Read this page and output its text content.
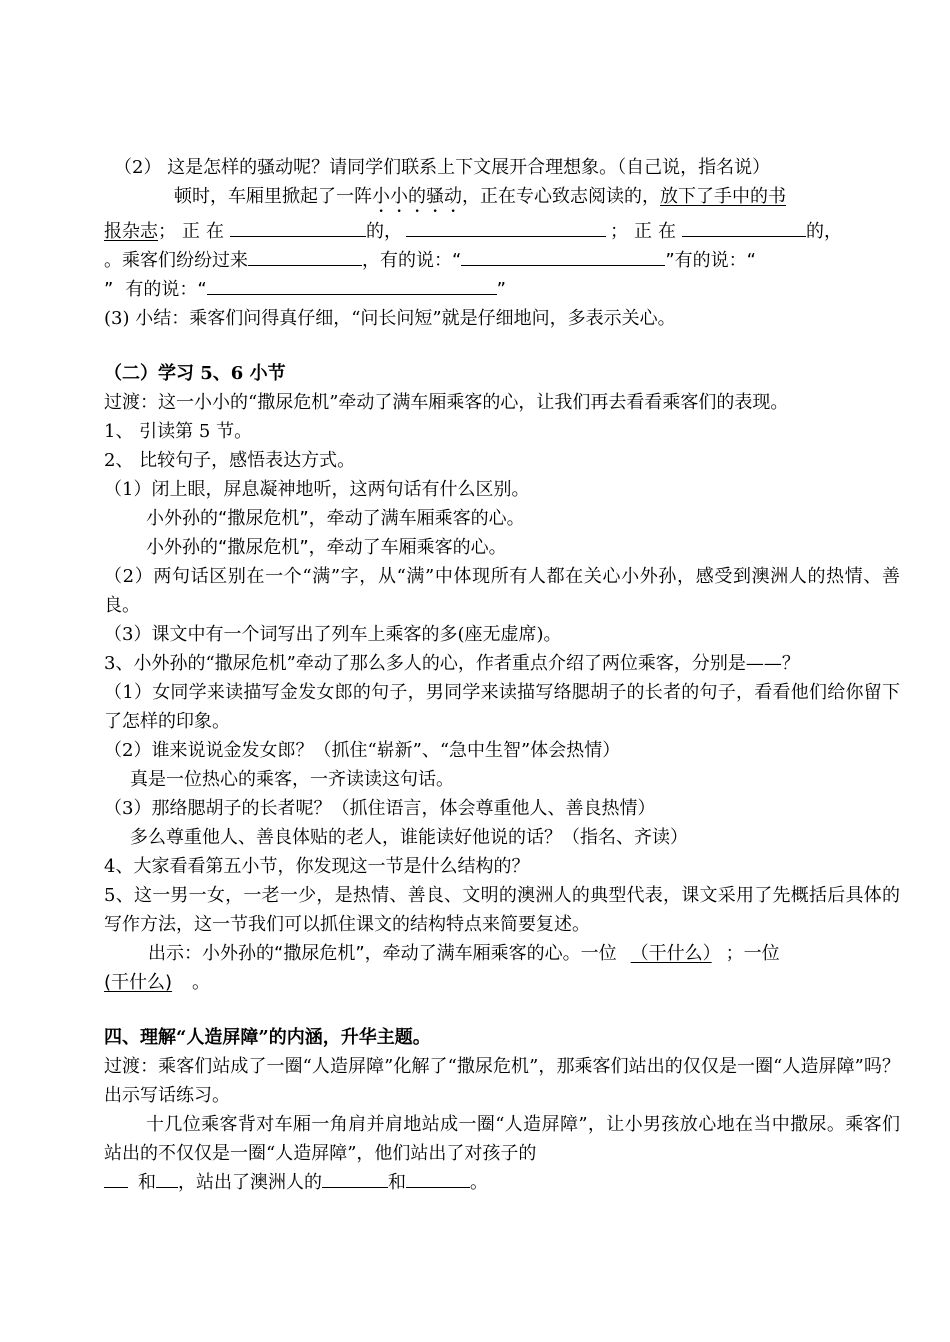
（2） 这是怎样的骚动呢？请同学们联系上下文展开合理想象。（自己说，指名说）
顿时，车厢里掀起了一阵小小的骚动，正在专心致志阅读的，放下了手中的书
报杂志；正在	的，	；正在	的，
。乘客们纷纷过来	，有的说：“	”有的说：“
” 有的说：“	”
(3) 小结：乘客们问得真仔细，“问长问短”就是仔细地问，多表示关心。
（二）学习 5、6 小节
过渡：这一小小的“撒尿危机”牵动了满车厢乘客的心，让我们再去看看乘客们的表现。
1、 引读第 5 节。
2、 比较句子，感悟表达方式。
（1）闭上眼，屏息凝神地听，这两句话有什么区别。
小外孙的“撒尿危机”，牵动了满车厢乘客的心。
小外孙的“撒尿危机”，牵动了车厢乘客的心。
（2）两句话区别在一个“满”字，从“满”中体现所有人都在关心小外孙，感受到澳洲人的热情、善良。
（3）课文中有一个词写出了列车上乘客的多(座无虚席)。
3、小外孙的“撒尿危机”牵动了那么多人的心，作者重点介绍了两位乘客，分别是——？
（1）女同学来读描写金发女郎的句子，男同学来读描写络腮胡子的长者的句子，看看他们给你留下了怎样的印象。
（2）谁来说说金发女郎？（抓住“崭新”、“急中生智”体会热情）
真是一位热心的乘客，一齐读读这句话。
（3）那络腮胡子的长者呢？（抓住语言，体会尊重他人、善良热情）
多么尊重他人、善良体贴的老人，谁能读好他说的话？（指名、齐读）
4、大家看看第五小节，你发现这一节是什么结构的？
5、这一男一女，一老一少，是热情、善良、文明的澳洲人的典型代表，课文采用了先概括后具体的写作方法，这一节我们可以抓住课文的结构特点来简要复述。
出示：小外孙的“撒尿危机”，牵动了满车厢乘客的心。一位 （干什么） ；一位
(干什么) 。
四、理解“人造屏障”的内涵，升华主题。
过渡：乘客们站成了一圈“人造屏障”化解了“撒尿危机”，那乘客们站出的仅仅是一圈“人造屏障”吗？出示写话练习。
十几位乘客背对车厢一角肩并肩地站成一圈“人造屏障”，让小男孩放心地在当中撒尿。乘客们站出的不仅仅是一圈“人造屏障”，他们站出了对孩子的
和 ，站出了澳洲人的	和	。
